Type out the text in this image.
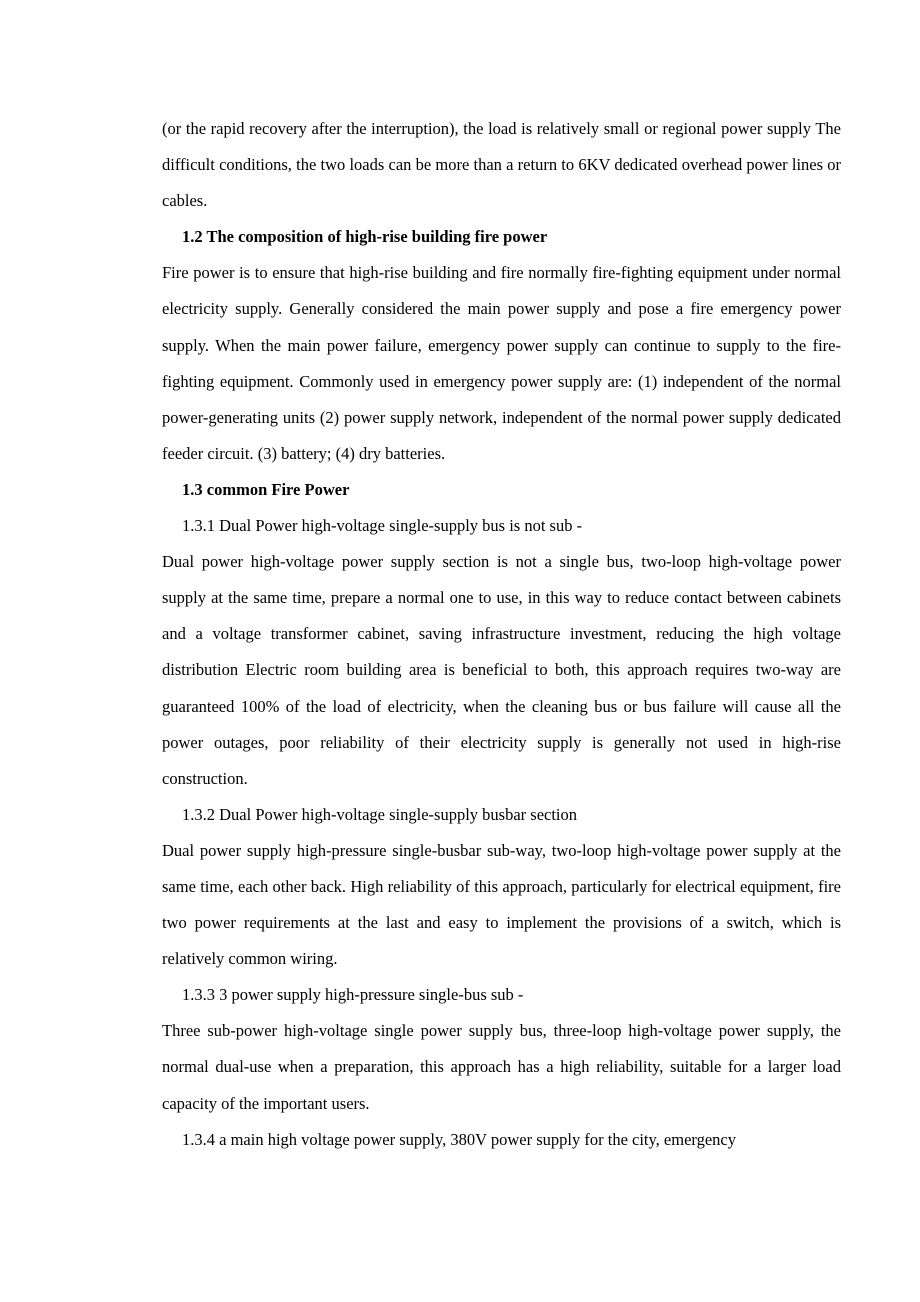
(or the rapid recovery after the interruption), the load is relatively small or regional power supply The difficult conditions, the two loads can be more than a return to 6KV dedicated overhead power lines or cables.

1.2 The composition of high-rise building fire power

Fire power is to ensure that high-rise building and fire normally fire-fighting equipment under normal electricity supply. Generally considered the main power supply and pose a fire emergency power supply. When the main power failure, emergency power supply can continue to supply to the fire-fighting equipment. Commonly used in emergency power supply are: (1) independent of the normal power-generating units (2) power supply network, independent of the normal power supply dedicated feeder circuit. (3) battery; (4) dry batteries.

1.3 common Fire Power

1.3.1 Dual Power high-voltage single-supply bus is not sub -

Dual power high-voltage power supply section is not a single bus, two-loop high-voltage power supply at the same time, prepare a normal one to use, in this way to reduce contact between cabinets and a voltage transformer cabinet, saving infrastructure investment, reducing the high voltage distribution Electric room building area is beneficial to both, this approach requires two-way are guaranteed 100% of the load of electricity, when the cleaning bus or bus failure will cause all the power outages, poor reliability of their electricity supply is generally not used in high-rise construction.

1.3.2 Dual Power high-voltage single-supply busbar section

Dual power supply high-pressure single-busbar sub-way, two-loop high-voltage power supply at the same time, each other back. High reliability of this approach, particularly for electrical equipment, fire two power requirements at the last and easy to implement the provisions of a switch, which is relatively common wiring.

1.3.3 3 power supply high-pressure single-bus sub -

Three sub-power high-voltage single power supply bus, three-loop high-voltage power supply, the normal dual-use when a preparation, this approach has a high reliability, suitable for a larger load capacity of the important users.

1.3.4 a main high voltage power supply, 380V power supply for the city, emergency
